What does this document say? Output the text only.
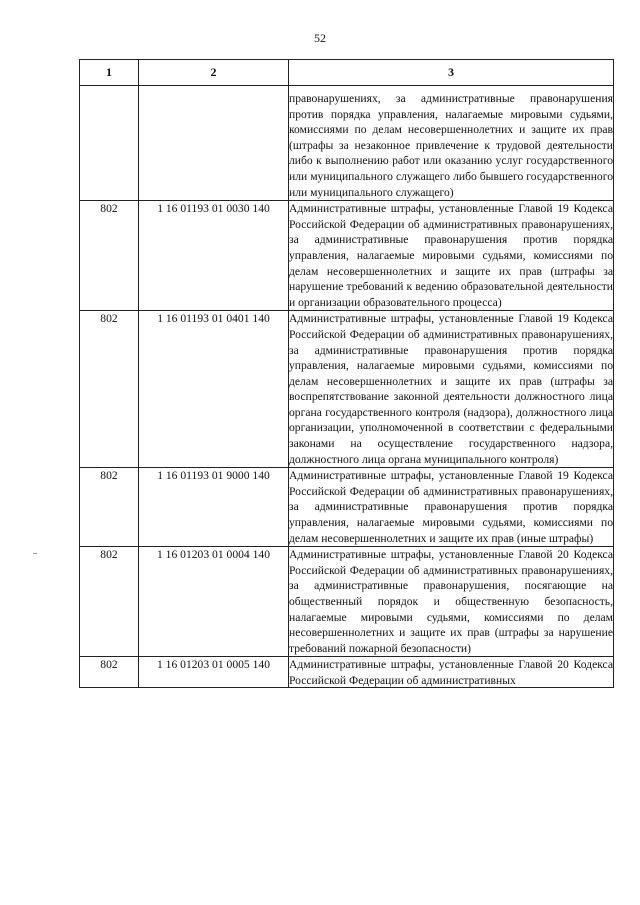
52
1	2	3

		правонарушениях, за административные правонарушения против порядка управления, налагаемые мировыми судьями, комиссиями по делам несовершеннолетних и защите их прав (штрафы за незаконное привлечение к трудовой деятельности либо к выполнению работ или оказанию услуг государственного или муниципального служащего либо бывшего государственного или муниципального служащего)

802	1 16 01193 01 0030 140	Административные штрафы, установленные Главой 19 Кодекса Российской Федерации об административных правонарушениях, за административные правонарушения против порядка управления, налагаемые мировыми судьями, комиссиями по делам несовершеннолетних и защите их прав (штрафы за нарушение требований к ведению образовательной деятельности и организации образовательного процесса)

802	1 16 01193 01 0401 140	Административные штрафы, установленные Главой 19 Кодекса Российской Федерации об административных правонарушениях, за административные правонарушения против порядка управления, налагаемые мировыми судьями, комиссиями по делам несовершеннолетних и защите их прав (штрафы за воспрепятствование законной деятельности должностного лица органа государственного контроля (надзора), должностного лица организации, уполномоченной в соответствии с федеральными законами на осуществление государственного надзора, должностного лица органа муниципального контроля)

802	1 16 01193 01 9000 140	Административные штрафы, установленные Главой 19 Кодекса Российской Федерации об административных правонарушениях, за административные правонарушения против порядка управления, налагаемые мировыми судьями, комиссиями по делам несовершеннолетних и защите их прав (иные штрафы)

802	1 16 01203 01 0004 140	Административные штрафы, установленные Главой 20 Кодекса Российской Федерации об административных правонарушениях, за административные правонарушения, посягающие на общественный порядок и общественную безопасность, налагаемые мировыми судьями, комиссиями по делам несовершеннолетних и защите их прав (штрафы за нарушение требований пожарной безопасности)

802	1 16 01203 01 0005 140	Административные штрафы, установленные Главой 20 Кодекса Российской Федерации об административных
